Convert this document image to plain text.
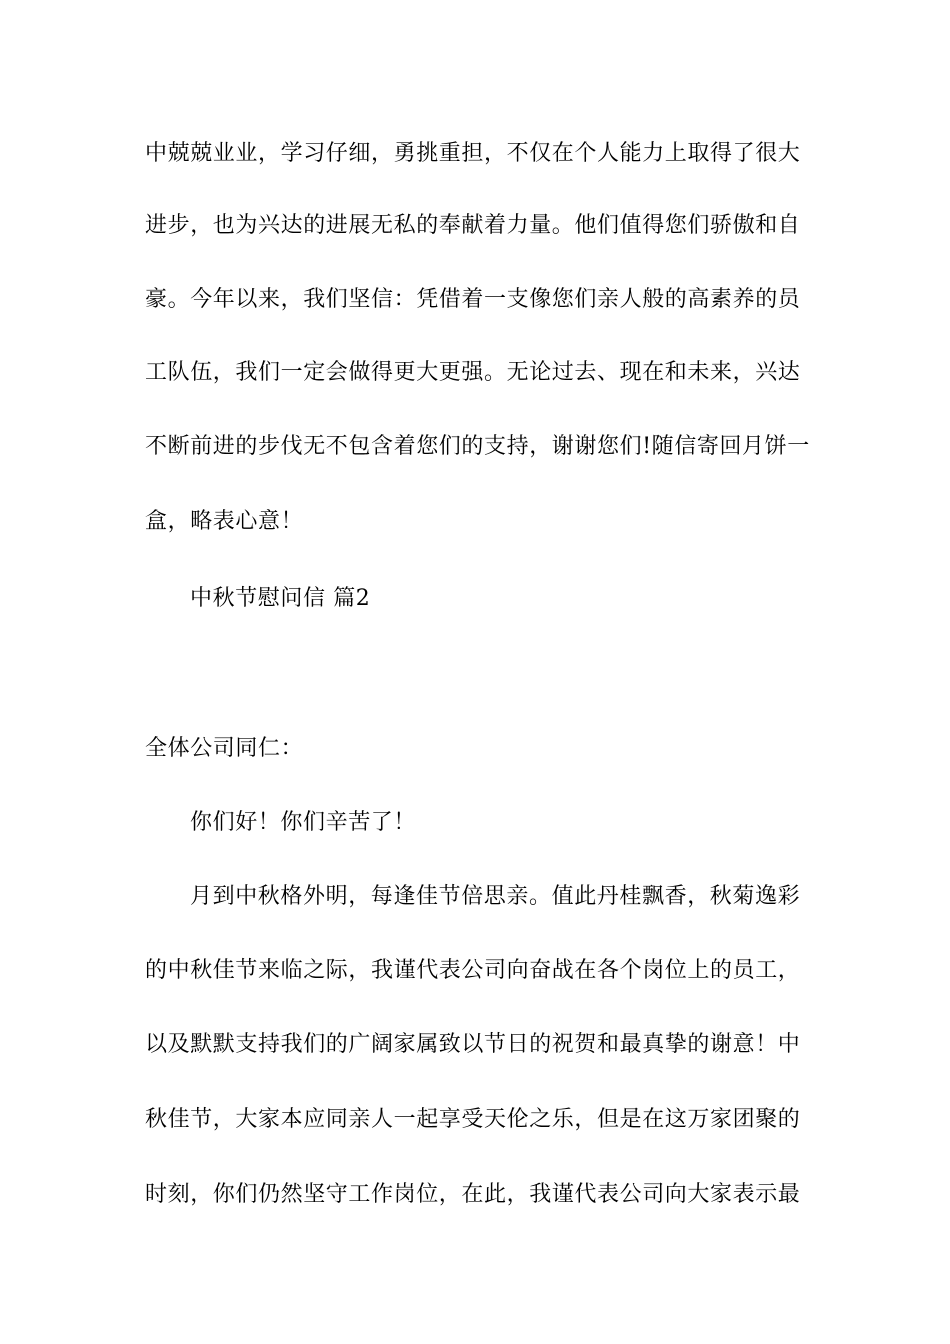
中兢兢业业，学习仔细，勇挑重担，不仅在个人能力上取得了很大
进步，也为兴达的进展无私的奉献着力量。他们值得您们骄傲和自
豪。今年以来，我们坚信：凭借着一支像您们亲人般的高素养的员
工队伍，我们一定会做得更大更强。无论过去、现在和未来，兴达
不断前进的步伐无不包含着您们的支持，谢谢您们!随信寄回月饼一
盒，略表心意！
中秋节慰问信 篇2
全体公司同仁：
你们好！你们辛苦了！
月到中秋格外明，每逢佳节倍思亲。值此丹桂飘香，秋菊逸彩
的中秋佳节来临之际，我谨代表公司向奋战在各个岗位上的员工，
以及默默支持我们的广阔家属致以节日的祝贺和最真挚的谢意！中
秋佳节，大家本应同亲人一起享受天伦之乐，但是在这万家团聚的
时刻，你们仍然坚守工作岗位，在此，我谨代表公司向大家表示最
